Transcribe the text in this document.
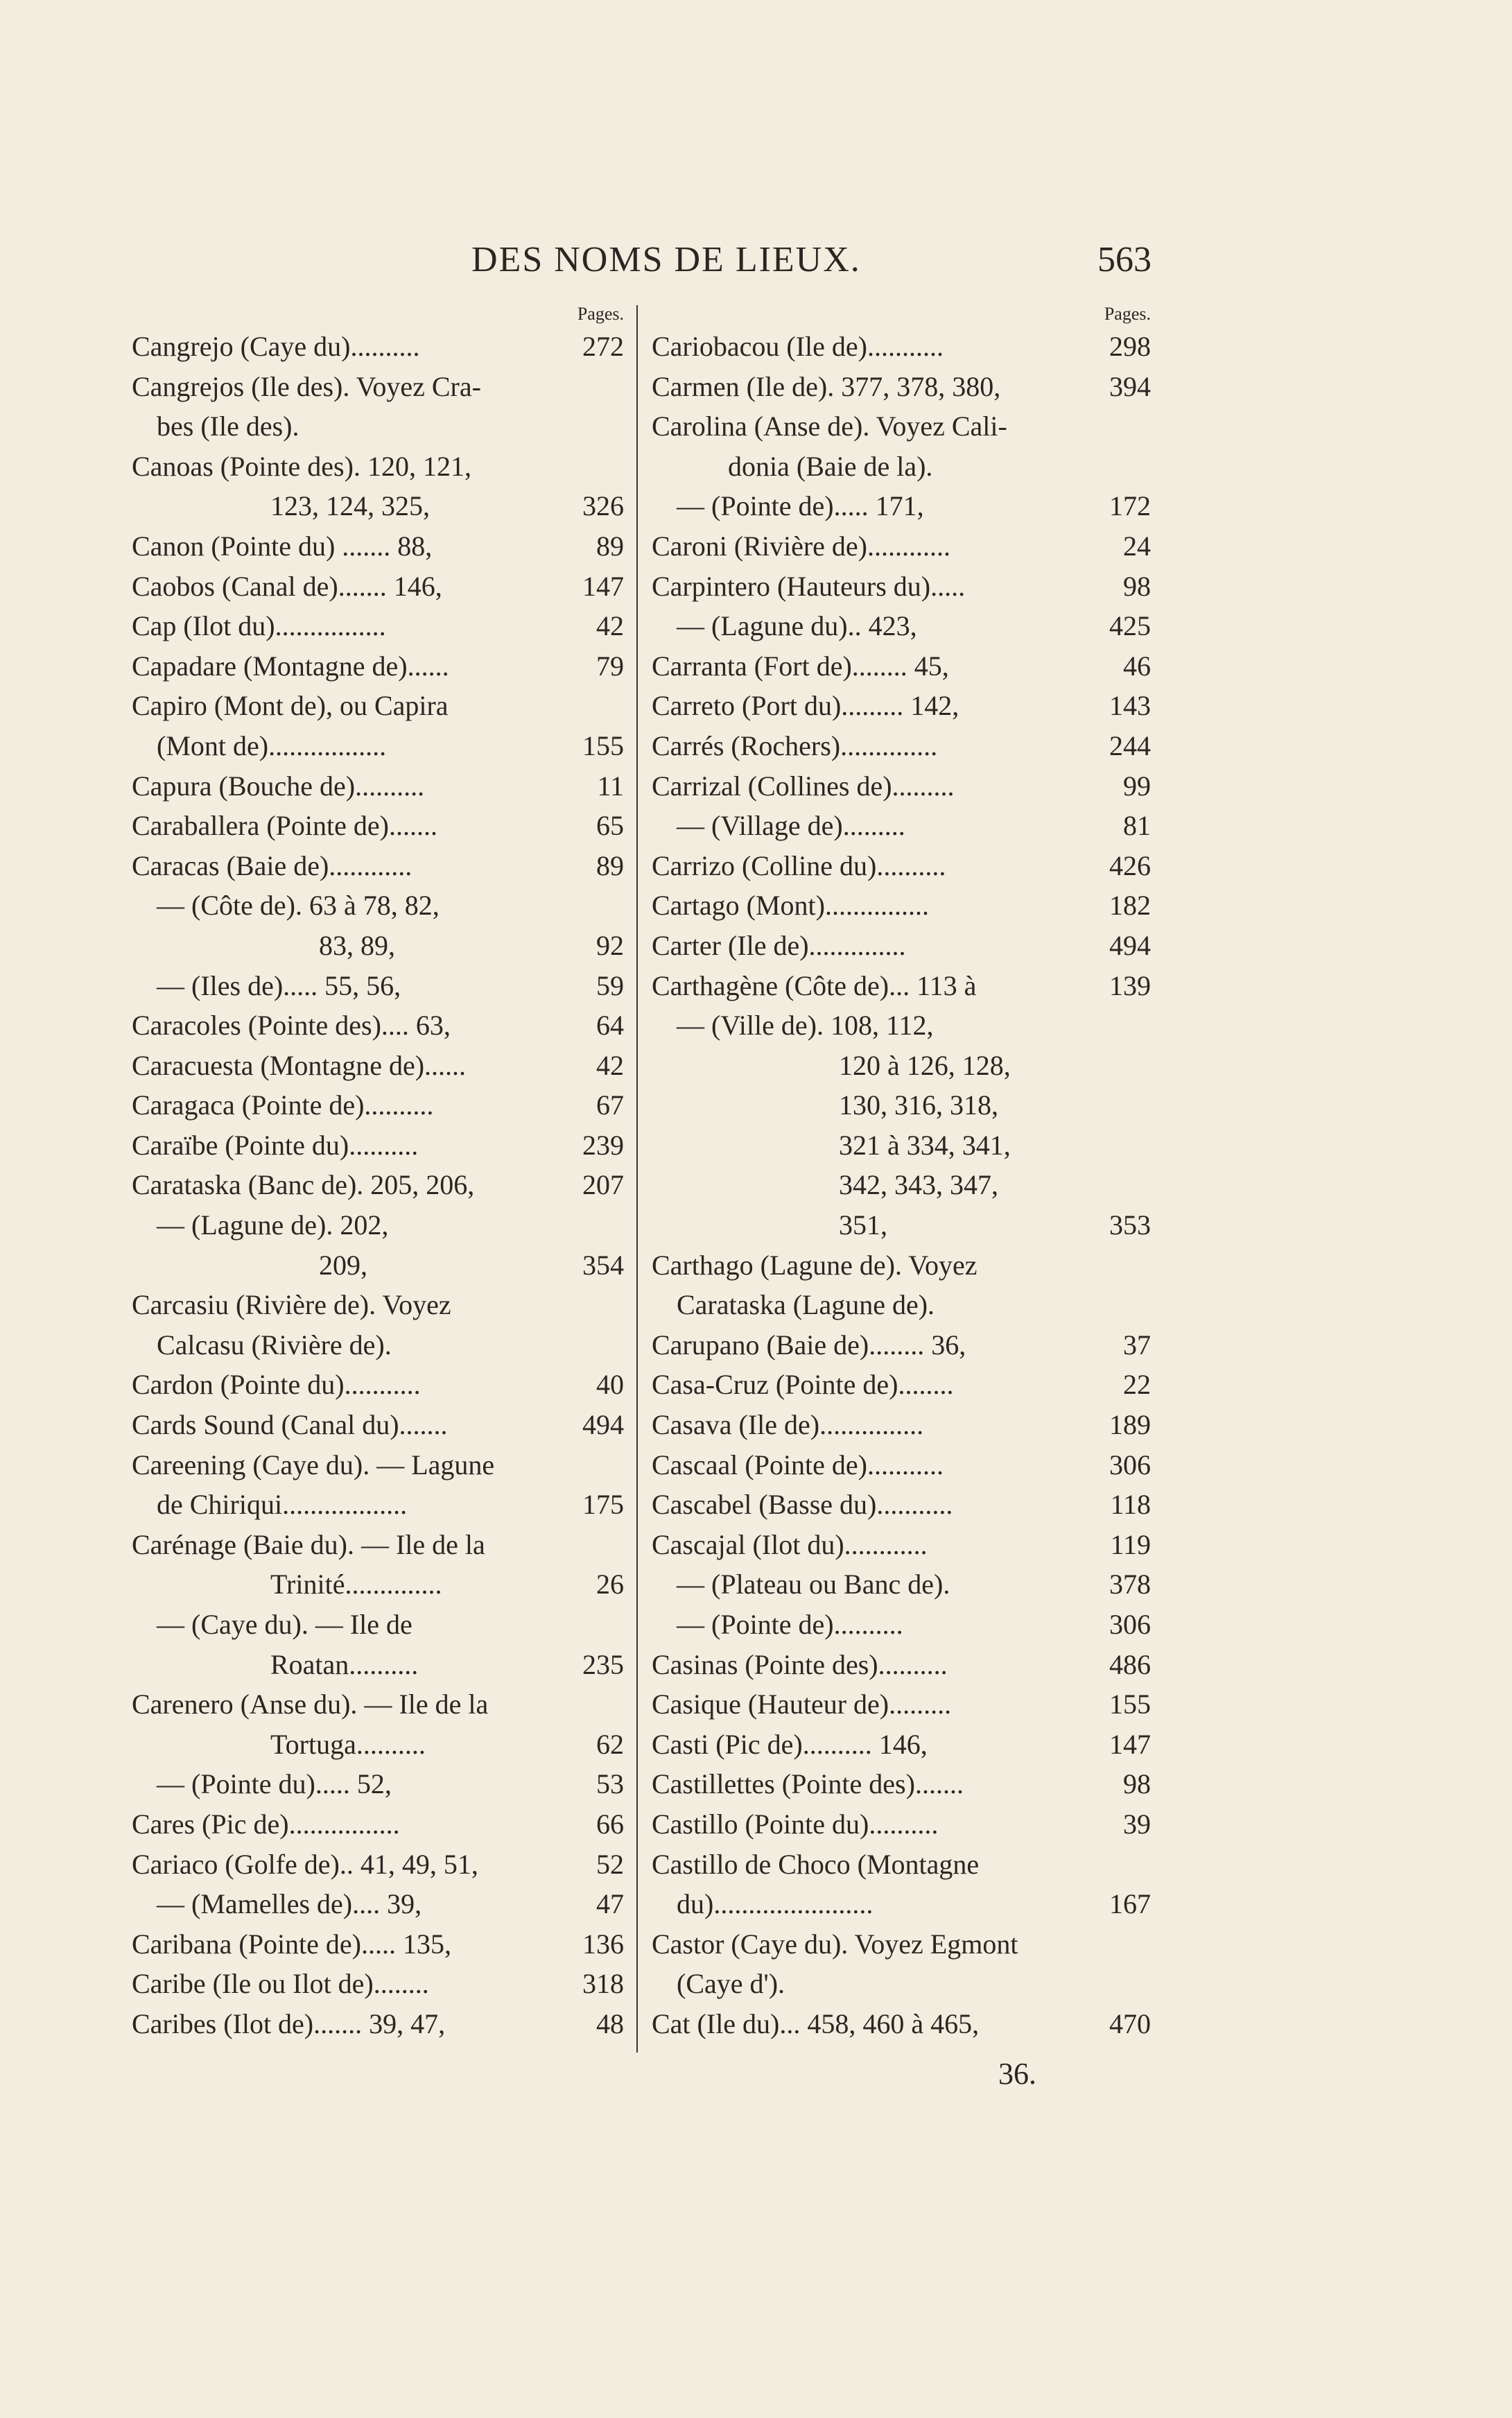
DES NOMS DE LIEUX.	563
Pages.
Cangrejo (Caye du)..........	272
Cangrejos (Ile des). Voyez Cra-
bes (Ile des).
Canoas (Pointe des). 120, 121,
123, 124, 325,	326
Canon (Pointe du) ....... 88,	89
Caobos (Canal de)....... 146,	147
Cap (Ilot du)................	42
Capadare (Montagne de)......	79
Capiro (Mont de), ou Capira
(Mont de).................	155
Capura (Bouche de)..........	11
Caraballera (Pointe de).......	65
Caracas (Baie de)............	89
— (Côte de). 63 à 78, 82,
83, 89,	92
— (Iles de)..... 55, 56,	59
Caracoles (Pointe des).... 63,	64
Caracuesta (Montagne de)......	42
Caragaca (Pointe de)..........	67
Caraïbe (Pointe du)..........	239
Carataska (Banc de). 205, 206,	207
— (Lagune de). 202,
209,	354
Carcasiu (Rivière de). Voyez
Calcasu (Rivière de).
Cardon (Pointe du)...........	40
Cards Sound (Canal du).......	494
Careening (Caye du). — Lagune
de Chiriqui..................	175
Carénage (Baie du). — Ile de la
Trinité..............	26
— (Caye du). — Ile de
Roatan..........	235
Carenero (Anse du). — Ile de la
Tortuga..........	62
— (Pointe du)..... 52,	53
Cares (Pic de)................	66
Cariaco (Golfe de).. 41, 49, 51,	52
— (Mamelles de).... 39,	47
Caribana (Pointe de)..... 135,	136
Caribe (Ile ou Ilot de)........	318
Caribes (Ilot de)....... 39, 47,	48
Pages.
Cariobacou (Ile de)...........	298
Carmen (Ile de). 377, 378, 380,	394
Carolina (Anse de). Voyez Cali-
donia (Baie de la).
— (Pointe de)..... 171,	172
Caroni (Rivière de)............	24
Carpintero (Hauteurs du).....	98
— (Lagune du).. 423,	425
Carranta (Fort de)........ 45,	46
Carreto (Port du)......... 142,	143
Carrés (Rochers)..............	244
Carrizal (Collines de).........	99
— (Village de).........	81
Carrizo (Colline du)..........	426
Cartago (Mont)...............	182
Carter (Ile de)..............	494
Carthagène (Côte de)... 113 à	139
— (Ville de). 108, 112,
120 à 126, 128,
130, 316, 318,
321 à 334, 341,
342, 343, 347,
351,	353
Carthago (Lagune de). Voyez
Carataska (Lagune de).
Carupano (Baie de)........ 36,	37
Casa-Cruz (Pointe de)........	22
Casava (Ile de)...............	189
Cascaal (Pointe de)...........	306
Cascabel (Basse du)...........	118
Cascajal (Ilot du)............	119
— (Plateau ou Banc de).	378
— (Pointe de)..........	306
Casinas (Pointe des)..........	486
Casique (Hauteur de).........	155
Casti (Pic de).......... 146,	147
Castillettes (Pointe des).......	98
Castillo (Pointe du)..........	39
Castillo de Choco (Montagne
du).......................	167
Castor (Caye du). Voyez Egmont
(Caye d').
Cat (Ile du)... 458, 460 à 465,	470
36.
